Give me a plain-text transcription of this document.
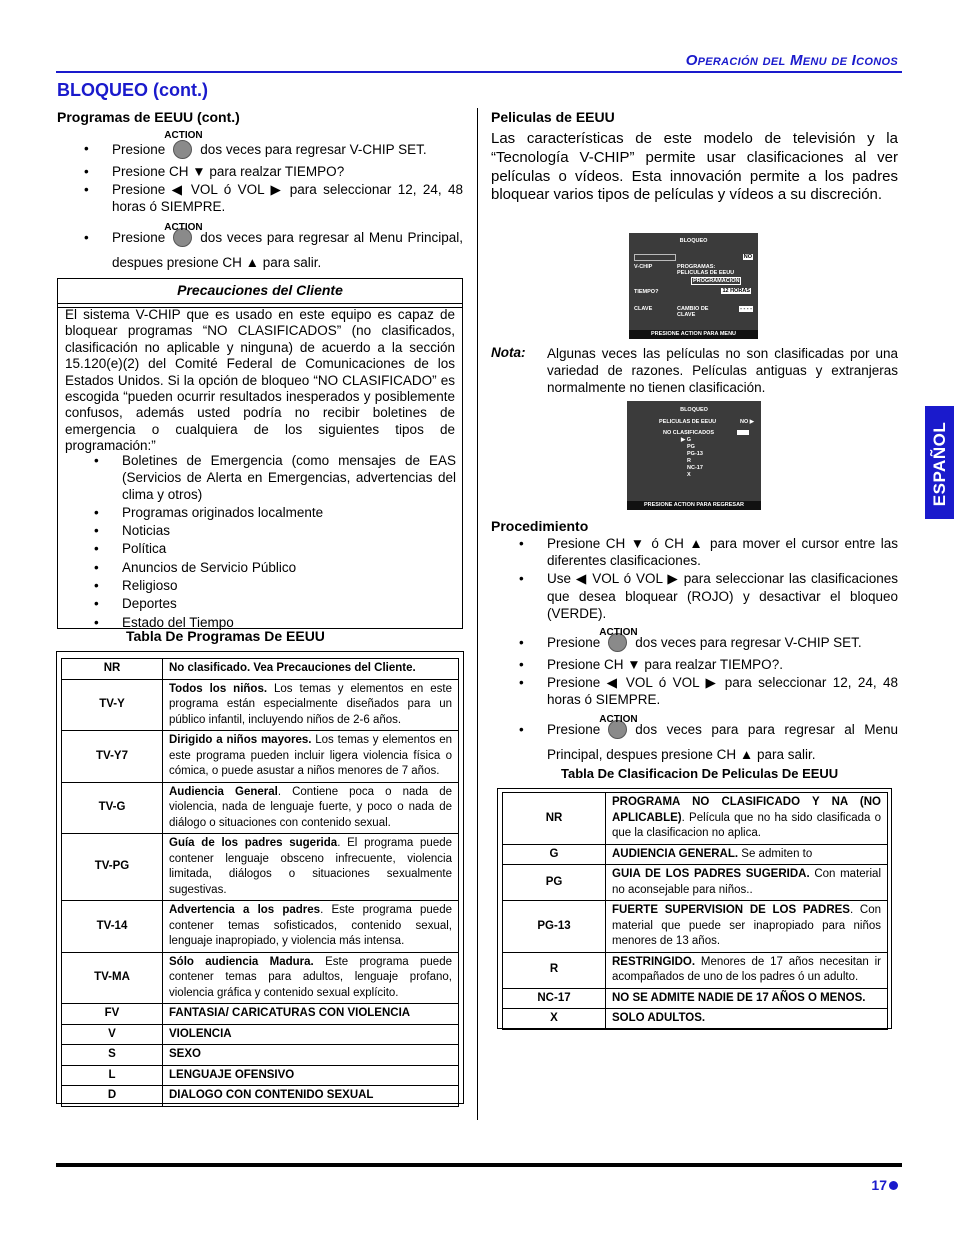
Operación del Menu de Iconos
BLOQUEO (cont.)
Programas de EEUU (cont.)
• Presione
ACTION
dos veces para regresar V-CHIP SET.
• Presione CH ▼ para realzar TIEMPO?
• Presione ◀ VOL ó VOL ▶ para seleccionar 12, 24, 48 horas ó SIEMPRE.
• Presione
ACTION
dos veces para regresar al Menu Principal, despues presione CH ▲ para salir.
Precauciones del Cliente
El sistema V-CHIP que es usado en este equipo es capaz de bloquear programas “NO CLASIFICADOS” (no clasificados, clasificación no aplicable y ninguna) de acuerdo a la sección 15.120(e)(2) del Comité Federal de Comunicaciones de los Estados Unidos. Si la opción de bloqueo “NO CLASIFICADO” es escogida “pueden ocurrir resultados inesperados y posiblemente confusos, además usted podría no recibir boletines de emergencia o cualquiera de los siguientes tipos de programación:”
• Boletines de Emergencia (como mensajes de EAS (Servicios de Alerta en Emergencias, advertencias del clima y otros)
• Programas originados localmente
• Noticias
• Política
• Anuncios de Servicio Público
• Religioso
• Deportes
• Estado del Tiempo
Tabla De Programas De EEUU
NR	No clasificado. Vea Precauciones del Cliente.
TV-Y	Todos los niños. Los temas y elementos en este programa están especialmente diseñados para un público infantil, incluyendo niños de 2-6 años.
TV-Y7	Dirigido a niños mayores. Los temas y elementos en este programa pueden incluir ligera violencia física o cómica, o puede asustar a niños menores de 7 años.
TV-G	Audiencia General. Contiene poca o nada de violencia, nada de lenguaje fuerte, y poco o nada de diálogo o situaciones con contenido sexual.
TV-PG	Guía de los padres sugerida. El programa puede contener lenguaje obsceno infrecuente, violencia limitada, diálogos o situaciones sexualmente sugestivas.
TV-14	Advertencia a los padres. Este programa puede contener temas sofisticados, contenido sexual, lenguaje inapropiado, y violencia más intensa.
TV-MA	Sólo audiencia Madura. Este programa puede contener temas para adultos, lenguaje profano, violencia gráfica y contenido sexual explícito.
FV	FANTASIA/ CARICATURAS CON VIOLENCIA
V	VIOLENCIA
S	SEXO
L	LENGUAJE OFENSIVO
D	DIALOGO CON CONTENIDO SEXUAL
Peliculas de EEUU
Las características de este modelo de televisión y la “Tecnología V-CHIP” permite usar clasificaciones al ver películas o vídeos. Esta innovación permite a los padres bloquear varios tipos de películas y vídeos a su discreción.
BLOQUEO
NO
V-CHIP	PROGRAMAS:
PELICULAS DE EEUU
PROGRAMACION
TIEMPO?	12 HORAS
CLAVE	CAMBIO DE
CLAVE
- - - -
PRESIONE ACTION PARA MENU
Nota: Algunas veces las películas no son clasificadas por una variedad de razones. Películas antiguas y extranjeras normalmente no tienen clasificación.
BLOQUEO
PELICULAS DE EEUU	NO ▶
NO CLASIFICADOS
▶ G
PG
PG-13
R
NC-17
X
PRESIONE ACTION PARA REGRESAR
Procedimiento
• Presione CH ▼ ó CH ▲ para mover el cursor entre las diferentes clasificaciones.
• Use ◀ VOL ó VOL ▶ para seleccionar las clasificaciones que desea bloquear (ROJO) y desactivar el bloqueo (VERDE).
• Presione
ACTION
dos veces para regresar V-CHIP SET.
• Presione CH ▼ para realzar TIEMPO?.
• Presione ◀ VOL ó VOL ▶ para seleccionar 12, 24, 48 horas ó SIEMPRE.
• Presione
ACTION
dos veces para para regresar al Menu Principal, despues presione CH ▲ para salir.
Tabla De Clasificacion De Peliculas De EEUU
NR	PROGRAMA NO CLASIFICADO Y NA (NO APLICABLE). Película que no ha sido clasificada o que la clasificacion no aplica.
G	AUDIENCIA GENERAL. Se admiten to
PG	GUIA DE LOS PADRES SUGERIDA. Con material no aconsejable para niños..
PG-13	FUERTE SUPERVISION DE LOS PADRES. Con material que puede ser inapropiado para niños menores de 13 años.
R	RESTRINGIDO. Menores de 17 años necesitan ir acompañados de uno de los padres ó un adulto.
NC-17	NO SE ADMITE NADIE DE 17 AÑOS O MENOS.
X	SOLO ADULTOS.
ESPAÑOL
17
